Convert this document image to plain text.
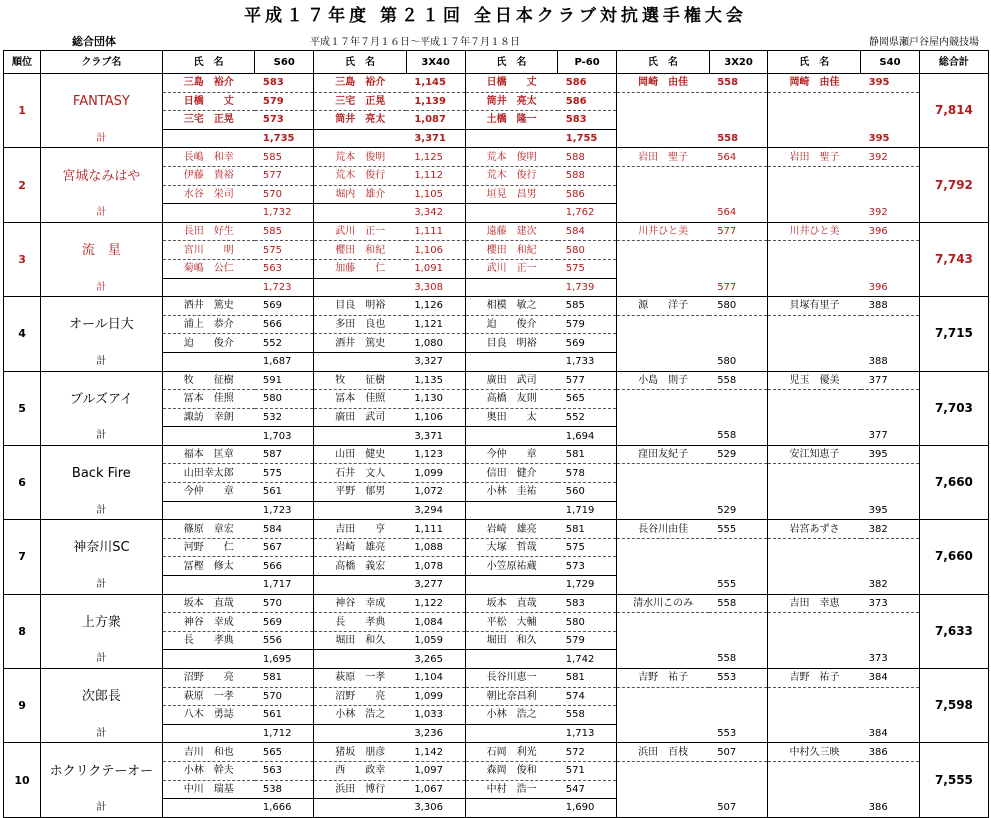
平成１７年度 第２１回 全日本クラブ対抗選手権大会
総合団体	平成１７年７月１６日～平成１７年７月１８日	静岡県瀬戸谷屋内競技場
順位	クラブ名	氏　名	S60	氏　名	3X40	氏　名	P-60	氏　名	3X20	氏　名	S40	総合計
1	FANTASY	三島　裕介	583	三島　裕介	1,145	日橋　　丈	586	岡崎　由佳	558	岡崎　由佳	395	7,814
		日橋　　丈	579	三宅　正晃	1,139	筒井　亮太	586					
		三宅　正晃	573	筒井　亮太	1,087	土橋　隆一	583					
	計		1,735		3,371		1,755		558		395	
2	宮城なみはや	長嶋　和幸	585	荒本　俊明	1,125	荒本　俊明	588	岩田　聖子	564	岩田　聖子	392	7,792
		伊藤　貴裕	577	荒木　俊行	1,112	荒木　俊行	588					
		水谷　栄司	570	堀内　雄介	1,105	垣見　昌男	586					
	計		1,732		3,342		1,762		564		392	
3	流　星	長田　好生	585	武川　正一	1,111	遠藤　建次	584	川井ひと美	577	川井ひと美	396	7,743
		宮川　　明	575	櫻田　和紀	1,106	櫻田　和紀	580					
		菊嶋　公仁	563	加藤　　仁	1,091	武川　正一	575					
	計		1,723		3,308		1,739		577		396	
4	オール日大	酒井　篤史	569	目良　明裕	1,126	相模　敏之	585	源　　洋子	580	貝塚有里子	388	7,715
		浦上　恭介	566	多田　良也	1,121	迫　　俊介	579					
		迫　　俊介	552	酒井　篤史	1,080	目良　明裕	569					
	計		1,687		3,327		1,733		580		388	
5	ブルズアイ	牧　　征樹	591	牧　　征樹	1,135	廣田　武司	577	小島　則子	558	児玉　優美	377	7,703
		冨本　佳照	580	冨本　佳照	1,130	高橋　友則	565					
		諏訪　幸朗	532	廣田　武司	1,106	奥田　　太	552					
	計		1,703		3,371		1,694		558		377	
6	Back Fire	福本　匡章	587	山田　健史	1,123	今仲　　章	581	窪田友紀子	529	安江知恵子	395	7,660
		山田幸太郎	575	石井　文人	1,099	信田　健介	578					
		今仲　　章	561	平野　郁男	1,072	小林　圭祐	560					
	計		1,723		3,294		1,719		529		395	
7	神奈川SC	篠原　章宏	584	吉田　　亨	1,111	岩崎　雄亮	581	長谷川由佳	555	岩宮あずさ	382	7,660
		河野　　仁	567	岩崎　雄亮	1,088	大塚　哲哉	575					
		冨樫　修太	566	高橋　義宏	1,078	小笠原祐蔵	573					
	計		1,717		3,277		1,729		555		382	
8	上方衆	坂本　直哉	570	神谷　幸成	1,122	坂本　直哉	583	清水川このみ	558	吉田　幸恵	373	7,633
		神谷　幸成	569	長　　孝典	1,084	平松　大輔	580					
		長　　孝典	556	堀田　和久	1,059	堀田　和久	579					
	計		1,695		3,265		1,742		558		373	
9	次郎長	沼野　　亮	581	萩原　一孝	1,104	長谷川恵一	581	吉野　祐子	553	吉野　祐子	384	7,598
		萩原　一孝	570	沼野　　亮	1,099	朝比奈昌利	574					
		八木　勇誌	561	小林　浩之	1,033	小林　浩之	558					
	計		1,712		3,236		1,713		553		384	
10	ホクリクテーオー	吉川　和也	565	猪坂　朋彦	1,142	石岡　利光	572	浜田　百枝	507	中村久三映	386	7,555
		小林　幹夫	563	西　　政幸	1,097	森岡　俊和	571					
		中川　瑞基	538	浜田　博行	1,067	中村　浩一	547					
	計		1,666		3,306		1,690		507		386	
